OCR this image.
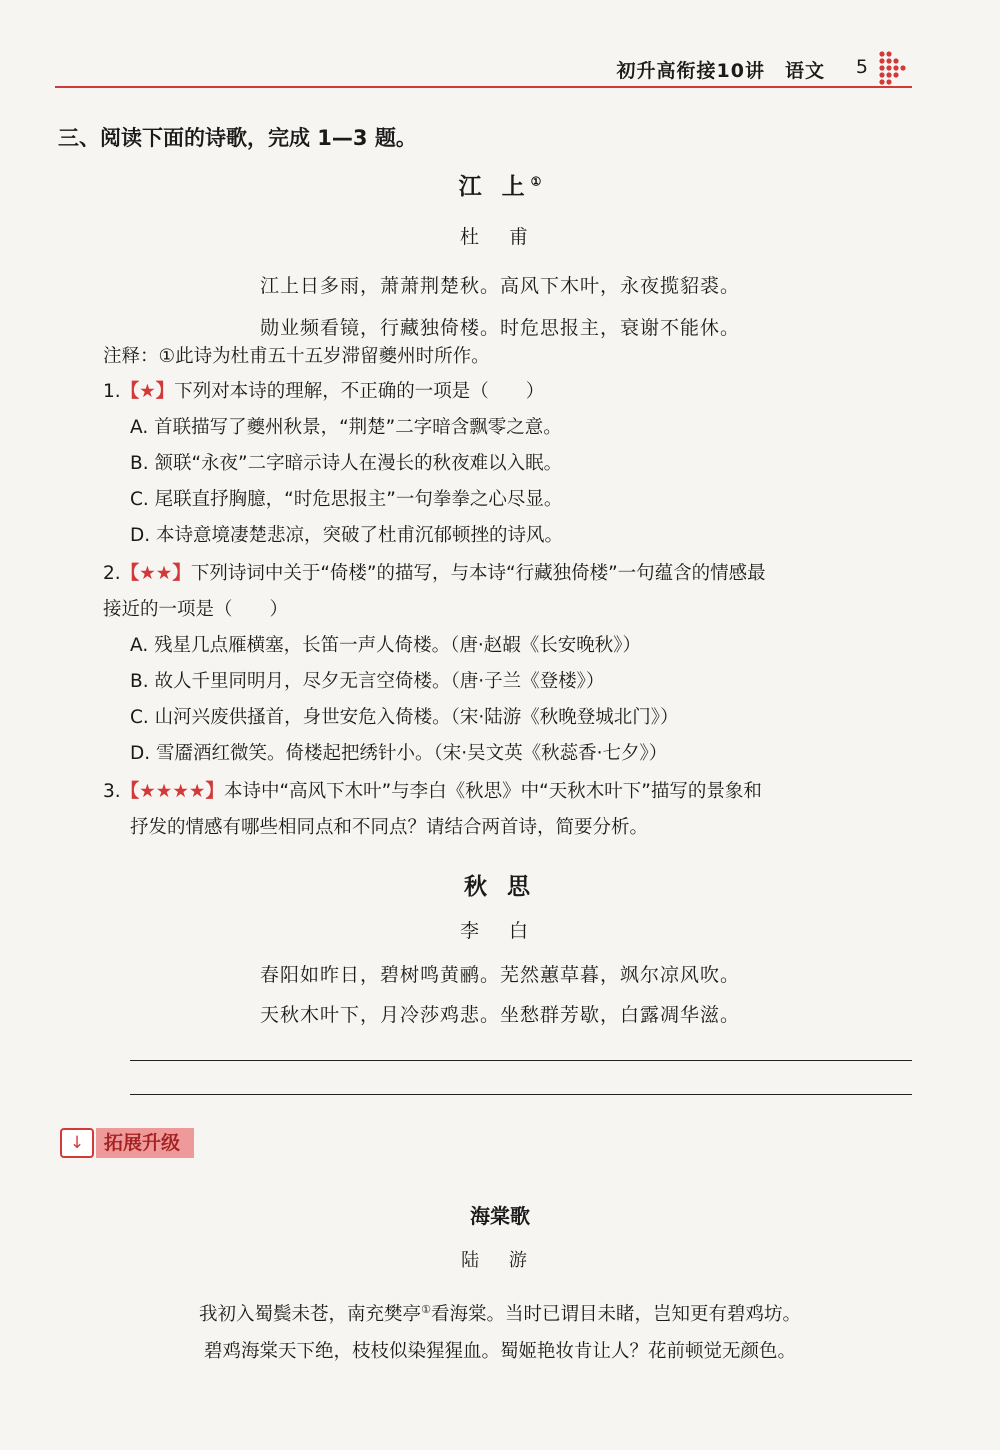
初升高衔接10讲　语文 5
三、阅读下面的诗歌，完成 1—3 题。
江 上①
杜 甫
江上日多雨，萧萧荆楚秋。高风下木叶，永夜揽貂裘。
勋业频看镜，行藏独倚楼。时危思报主，衰谢不能休。
注释：①此诗为杜甫五十五岁滞留夔州时所作。
1.【★】下列对本诗的理解，不正确的一项是（　　）
A. 首联描写了夔州秋景，“荆楚”二字暗含飘零之意。
B. 颔联“永夜”二字暗示诗人在漫长的秋夜难以入眠。
C. 尾联直抒胸臆，“时危思报主”一句拳拳之心尽显。
D. 本诗意境凄楚悲凉，突破了杜甫沉郁顿挫的诗风。
2.【★★】下列诗词中关于“倚楼”的描写，与本诗“行藏独倚楼”一句蕴含的情感最
接近的一项是（　　）
A. 残星几点雁横塞，长笛一声人倚楼。（唐·赵嘏《长安晚秋》）
B. 故人千里同明月，尽夕无言空倚楼。（唐·子兰《登楼》）
C. 山河兴废供搔首，身世安危入倚楼。（宋·陆游《秋晚登城北门》）
D. 雪靥酒红微笑。倚楼起把绣针小。（宋·吴文英《秋蕊香·七夕》）
3.【★★★★】本诗中“高风下木叶”与李白《秋思》中“天秋木叶下”描写的景象和
抒发的情感有哪些相同点和不同点？请结合两首诗，简要分析。
秋 思
李 白
春阳如昨日，碧树鸣黄鹂。芜然蕙草暮，飒尔凉风吹。
天秋木叶下，月冷莎鸡悲。坐愁群芳歇，白露凋华滋。
↓	拓展升级
海棠歌
陆 游
我初入蜀鬓未苍，南充樊亭①看海棠。当时已谓目未睹，岂知更有碧鸡坊。
碧鸡海棠天下绝，枝枝似染猩猩血。蜀姬艳妆肯让人？花前顿觉无颜色。
